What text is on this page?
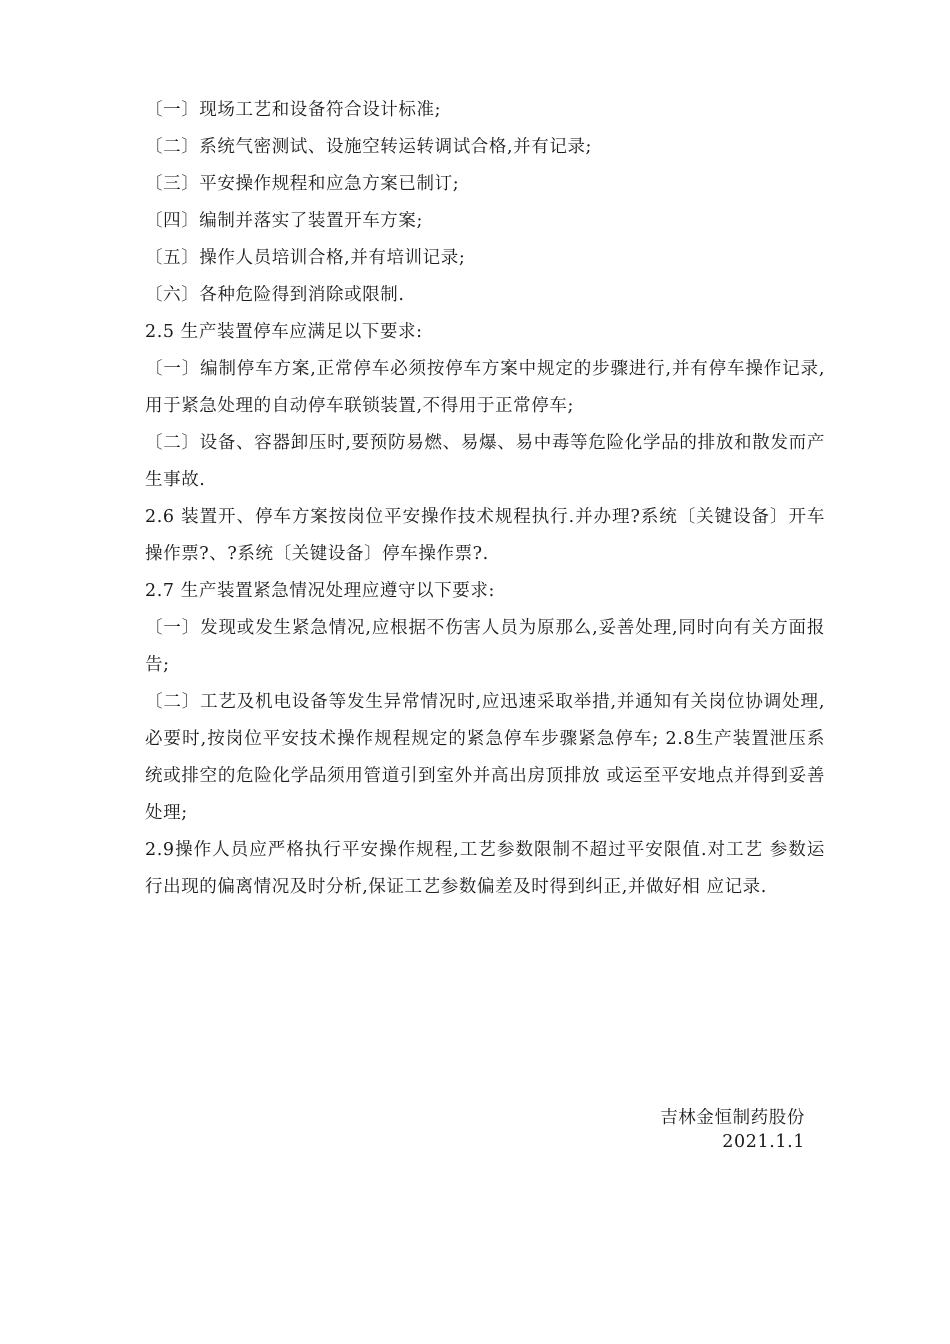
〔一〕现场工艺和设备符合设计标准;

〔二〕系统气密测试、设施空转运转调试合格,并有记录;

〔三〕平安操作规程和应急方案已制订;

〔四〕编制并落实了装置开车方案;

〔五〕操作人员培训合格,并有培训记录;

〔六〕各种危险得到消除或限制.

2.5 生产装置停车应满足以下要求:

〔一〕编制停车方案,正常停车必须按停车方案中规定的步骤进行,并有停车操作记录,用于紧急处理的自动停车联锁装置,不得用于正常停车;

〔二〕设备、容器卸压时,要预防易燃、易爆、易中毒等危险化学品的排放和散发而产生事故.

2.6 装置开、停车方案按岗位平安操作技术规程执行.并办理?系统〔关键设备〕开车操作票?、?系统〔关键设备〕停车操作票?.

2.7 生产装置紧急情况处理应遵守以下要求:

〔一〕发现或发生紧急情况,应根据不伤害人员为原那么,妥善处理,同时向有关方面报告;

〔二〕工艺及机电设备等发生异常情况时,应迅速采取举措,并通知有关岗位协调处理,必要时,按岗位平安技术操作规程规定的紧急停车步骤紧急停车; 2.8生产装置泄压系统或排空的危险化学品须用管道引到室外并高出房顶排放 或运至平安地点并得到妥善处理;

2.9操作人员应严格执行平安操作规程,工艺参数限制不超过平安限值.对工艺 参数运行出现的偏离情况及时分析,保证工艺参数偏差及时得到纠正,并做好相 应记录.

吉林金恒制药股份
2021.1.1
